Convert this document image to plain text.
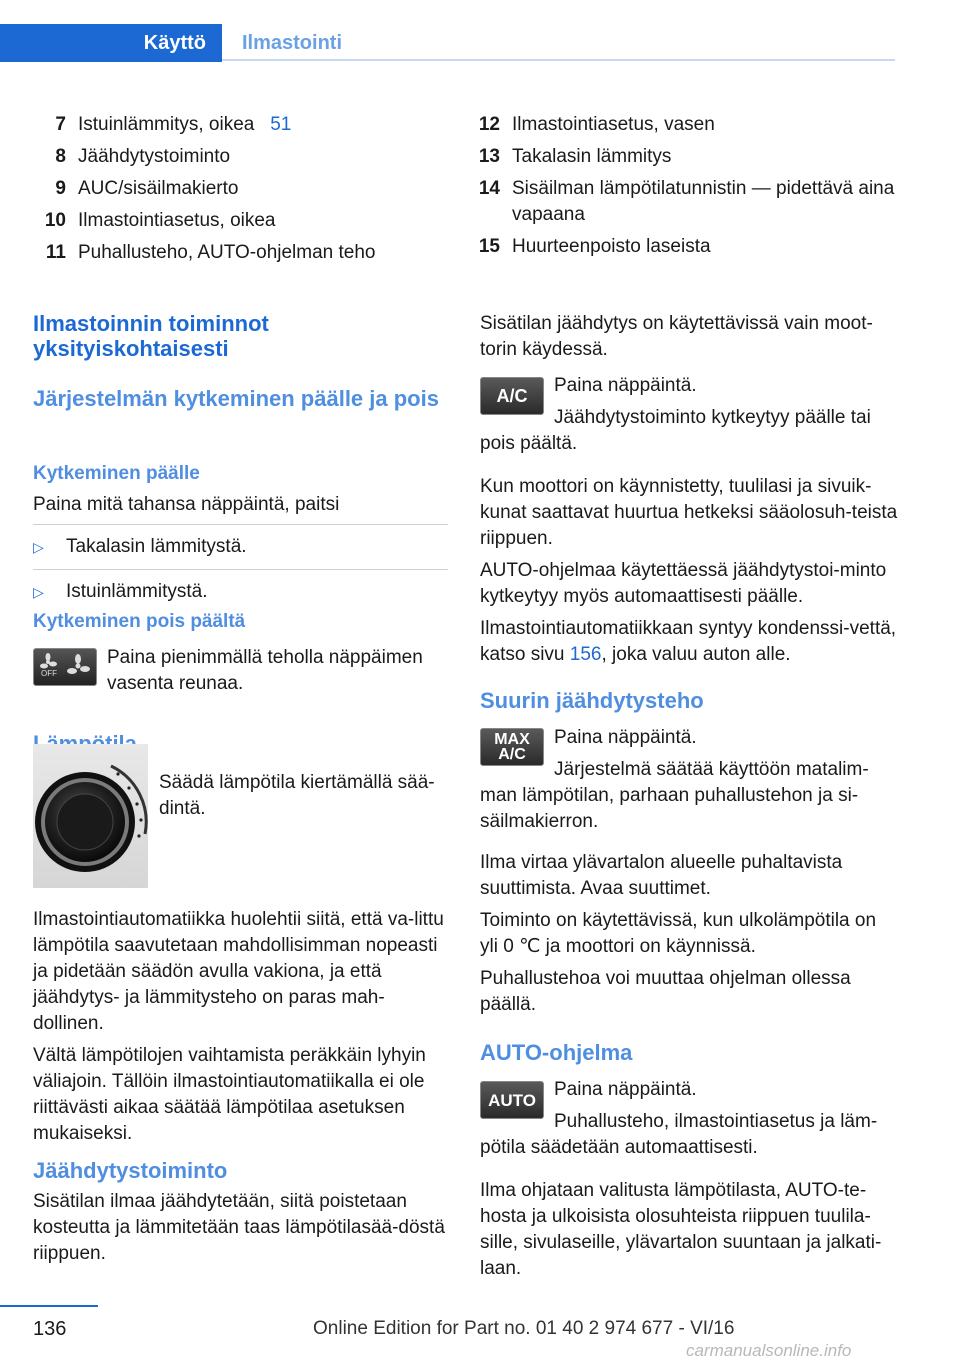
Käyttö	Ilmastointi
7 Istuinlämmitys, oikea 51
8 Jäähdytystoiminto
9 AUC/sisäilmakierto
10 Ilmastointiasetus, oikea
11 Puhallusteho, AUTO-ohjelman teho
12 Ilmastointiasetus, vasen
13 Takalasin lämmitys
14 Sisäilman lämpötilatunnistin — pidettävä aina vapaana
15 Huurteenpoisto laseista
Ilmastoinnin toiminnot yksityiskohtaisesti
Järjestelmän kytkeminen päälle ja pois
Kytkeminen päälle

Paina mitä tahansa näppäintä, paitsi

▷	Takalasin lämmitystä.
▷	Istuinlämmitystä.
Kytkeminen pois päältä
OFF

Paina pienimmällä teholla näppäimen vasenta reunaa.

Säädä lämpötila kiertämällä sää-dintä.

Ilmastointiautomatiikka huolehtii siitä, että va-littu lämpötila saavutetaan mahdollisimman nopeasti ja pidetään säädön avulla vakiona, ja että jäähdytys- ja lämmitysteho on paras mah-dollinen.

Vältä lämpötilojen vaihtamista peräkkäin lyhyin väliajoin. Tällöin ilmastointiautomatiikalla ei ole riittävästi aikaa säätää lämpötilaa asetuksen mukaiseksi.

Jäähdytystoiminto

Sisätilan ilmaa jäähdytetään, siitä poistetaan kosteutta ja lämmitetään taas lämpötilasää-döstä riippuen.

Sisätilan jäähdytys on käytettävissä vain moot-torin käydessä.

A/C Paina näppäintä.

Jäähdytystoiminto kytkeytyy päälle tai pois päältä.

Kun moottori on käynnistetty, tuulilasi ja sivuik-kunat saattavat huurtua hetkeksi sääolosuh-teista riippuen.

AUTO-ohjelmaa käytettäessä jäähdytystoi-minto kytkeytyy myös automaattisesti päälle.

Ilmastointiautomatiikkaan syntyy kondenssi-vettä, katso sivu 156, joka valuu auton alle.

Suurin jäähdytysteho
MAX
A/C

Paina näppäintä.

Järjestelmä säätää käyttöön matalim-man lämpötilan, parhaan puhallustehon ja si-säilmakierron.

Ilma virtaa ylävartalon alueelle puhaltavista suuttimista. Avaa suuttimet.

Toiminto on käytettävissä, kun ulkolämpötila on yli 0 ℃ ja moottori on käynnissä.

Puhallustehoa voi muuttaa ohjelman ollessa päällä.

AUTO-ohjelma
AUTO Paina näppäintä.

Puhallusteho, ilmastointiasetus ja läm-pötila säädetään automaattisesti.

Ilma ohjataan valitusta lämpötilasta, AUTO-te-hosta ja ulkoisista olosuhteista riippuen tuulila-sille, sivulaseille, ylävartalon suuntaan ja jalkati-laan.

136	Online Edition for Part no. 01 40 2 974 677 - VI/16
carmanualsonline.info
